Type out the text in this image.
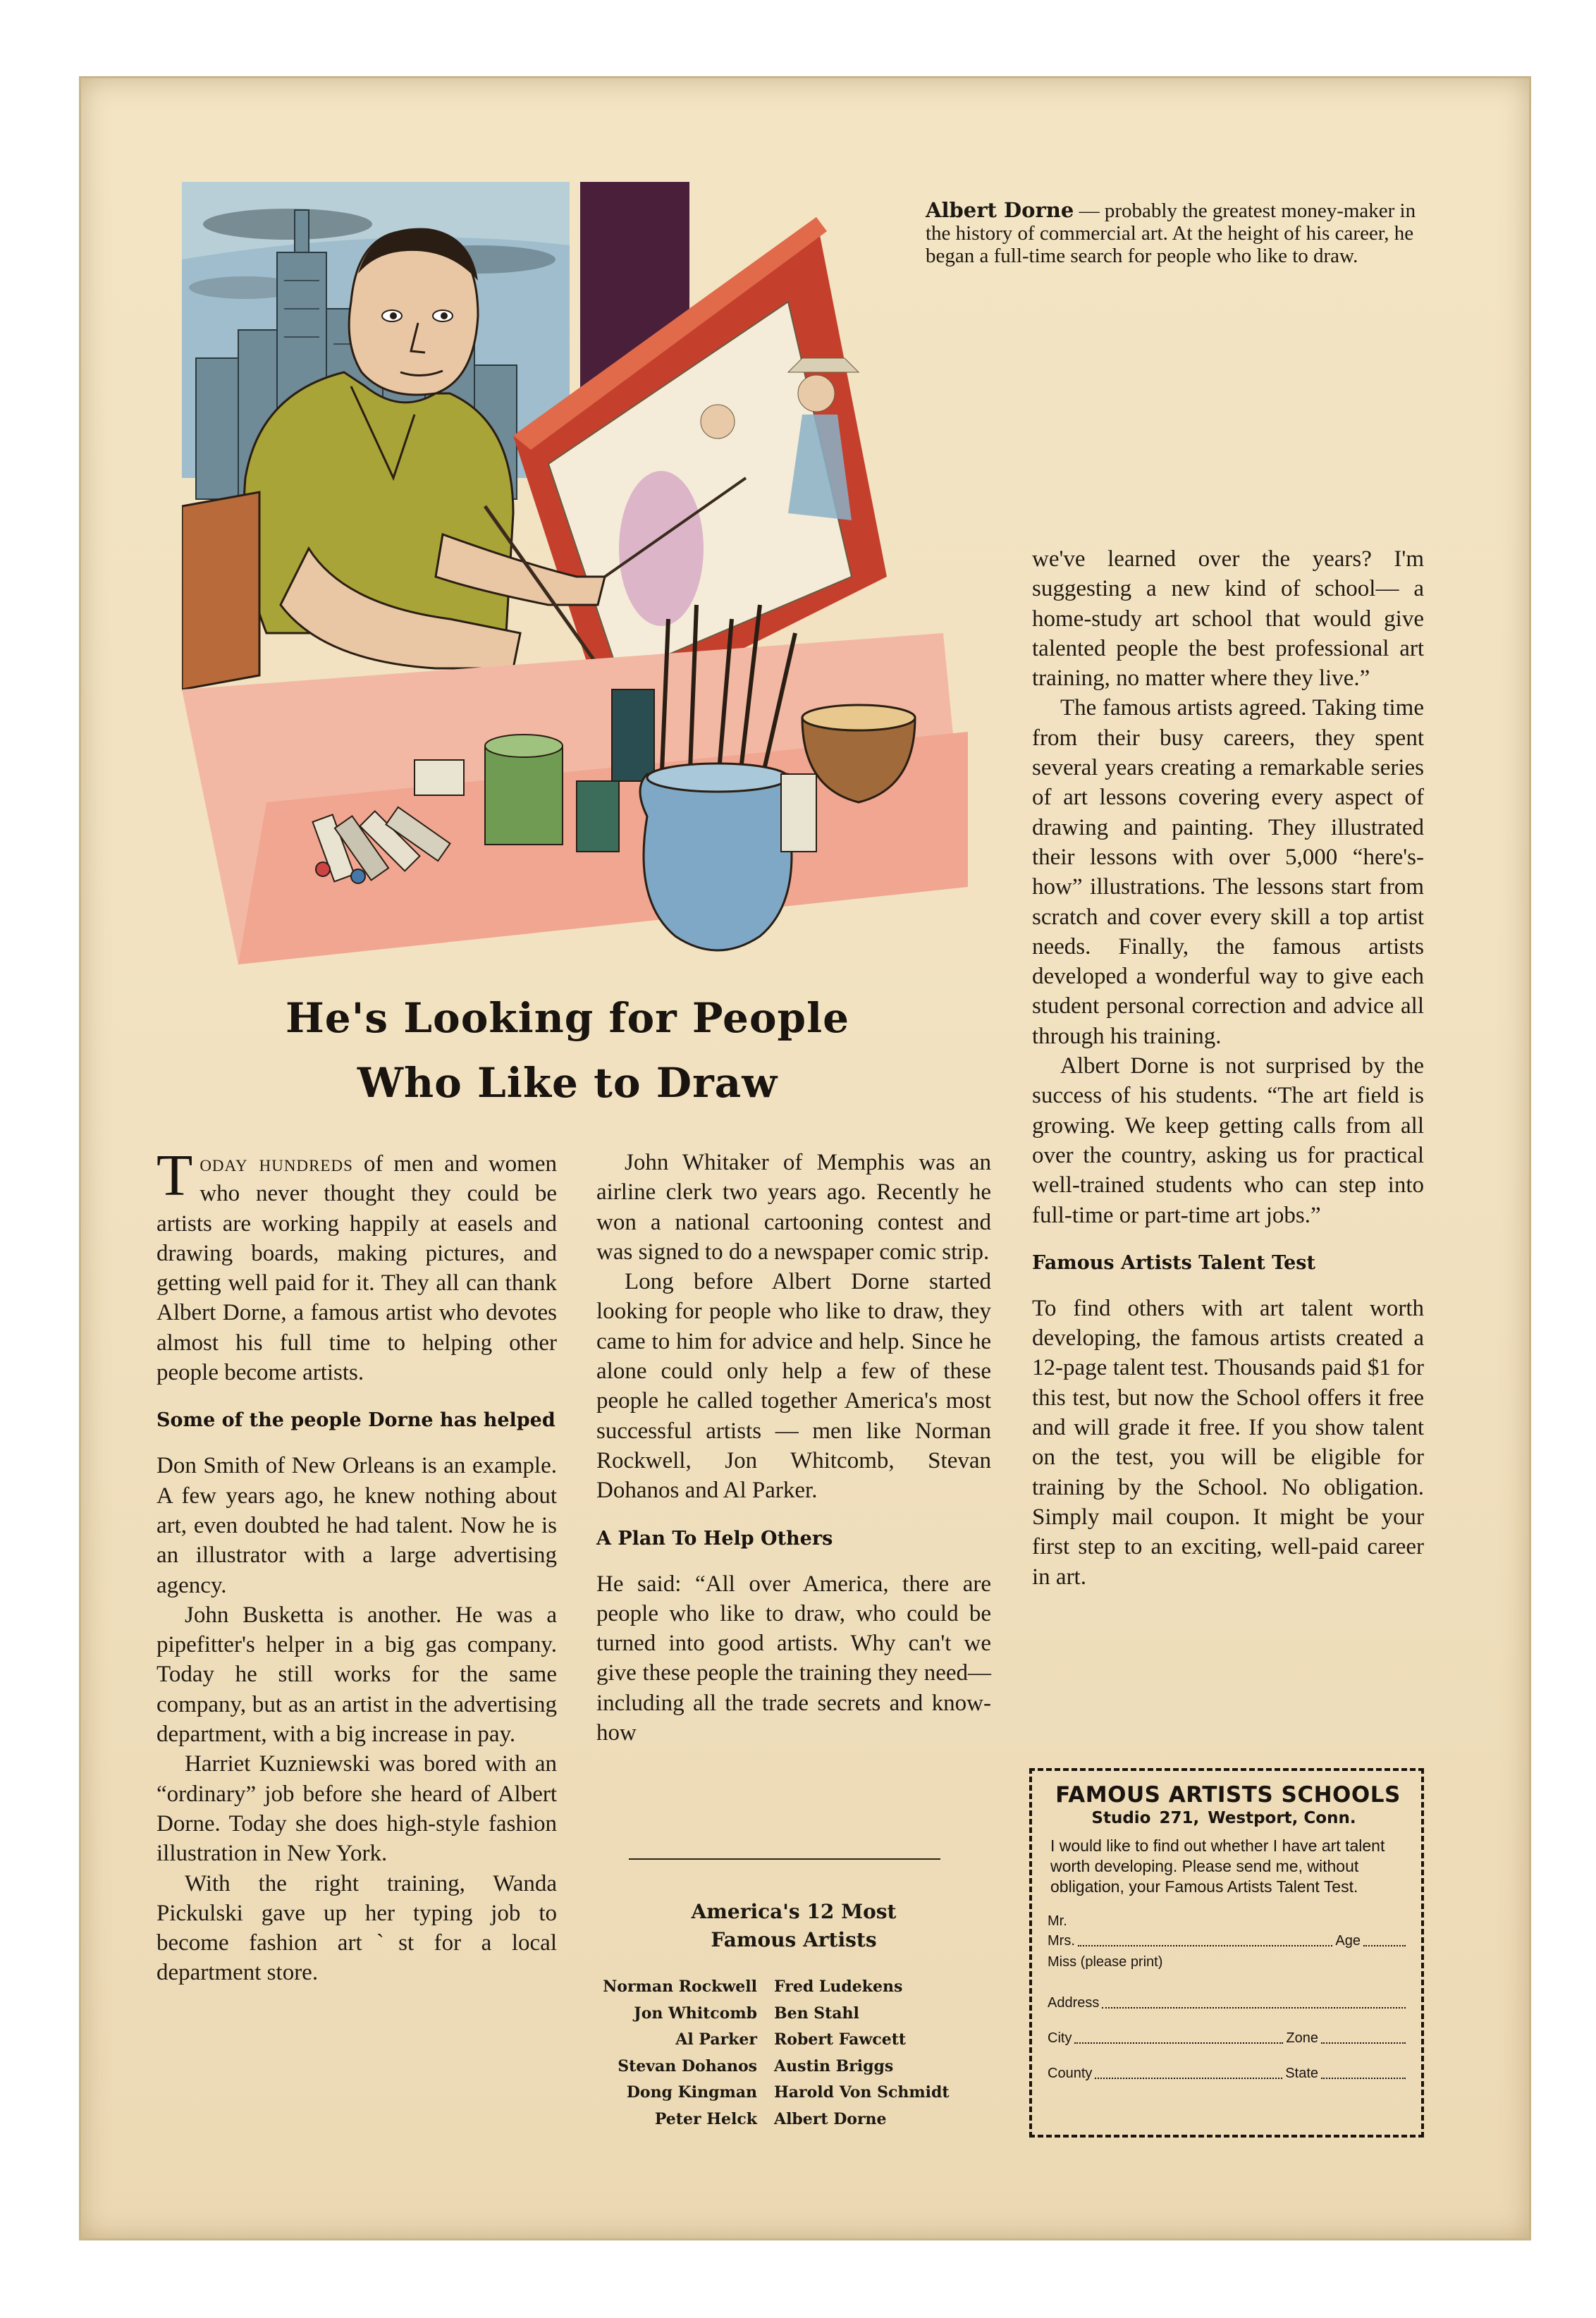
Albert Dorne — probably the greatest money-maker in the history of commercial art. At the height of his career, he began a full-time search for people who like to draw.
He's Looking for People
Who Like to Draw

Today hundreds of men and women who never thought they could be artists are working happily at easels and drawing boards, making pictures, and getting well paid for it. They all can thank Albert Dorne, a famous artist who devotes almost his full time to helping other people become artists.

Some of the people Dorne has helped

Don Smith of New Orleans is an example. A few years ago, he knew nothing about art, even doubted he had talent. Now he is an illustrator with a large advertising agency.

John Busketta is another. He was a pipefitter's helper in a big gas company. Today he still works for the same company, but as an artist in the advertising department, with a big increase in pay.

Harriet Kuzniewski was bored with an “ordinary” job before she heard of Albert Dorne. Today she does high-style fashion illustration in New York.

With the right training, Wanda Pickulski gave up her typing job to become fashion artˋst for a local department store.

John Whitaker of Memphis was an airline clerk two years ago. Recently he won a national cartooning contest and was signed to do a newspaper comic strip.

Long before Albert Dorne started looking for people who like to draw, they came to him for advice and help. Since he alone could only help a few of these people he called together America's most successful artists — men like Norman Rockwell, Jon Whitcomb, Stevan Dohanos and Al Parker.

A Plan To Help Others

He said: “All over America, there are people who like to draw, who could be turned into good artists. Why can't we give these people the training they need—including all the trade secrets and know-how

America's 12 Most
Famous Artists
Norman Rockwell	Fred Ludekens
Jon Whitcomb	Ben Stahl
Al Parker	Robert Fawcett
Stevan Dohanos	Austin Briggs
Dong Kingman	Harold Von Schmidt
Peter Helck	Albert Dorne

we've learned over the years? I'm suggesting a new kind of school— a home-study art school that would give talented people the best professional art training, no matter where they live.”

The famous artists agreed. Taking time from their busy careers, they spent several years creating a remarkable series of art lessons covering every aspect of drawing and painting. They illustrated their lessons with over 5,000 “here's-how” illustrations. The lessons start from scratch and cover every skill a top artist needs. Finally, the famous artists developed a wonderful way to give each student personal correction and advice all through his training.

Albert Dorne is not surprised by the success of his students. “The art field is growing. We keep getting calls from all over the country, asking us for practical well-trained students who can step into full-time or part-time art jobs.”

Famous Artists Talent Test

To find others with art talent worth developing, the famous artists created a 12-page talent test. Thousands paid $1 for this test, but now the School offers it free and will grade it free. If you show talent on the test, you will be eligible for training by the School. No obligation. Simply mail coupon. It might be your first step to an exciting, well-paid career in art.

FAMOUS ARTISTS SCHOOLS
Studio 271, Westport, Conn.
I would like to find out whether I have art talent worth developing. Please send me, without obligation, your Famous Artists Talent Test.
Mr.
Mrs.	Age
Miss (please print)
Address
City	Zone
County	State
